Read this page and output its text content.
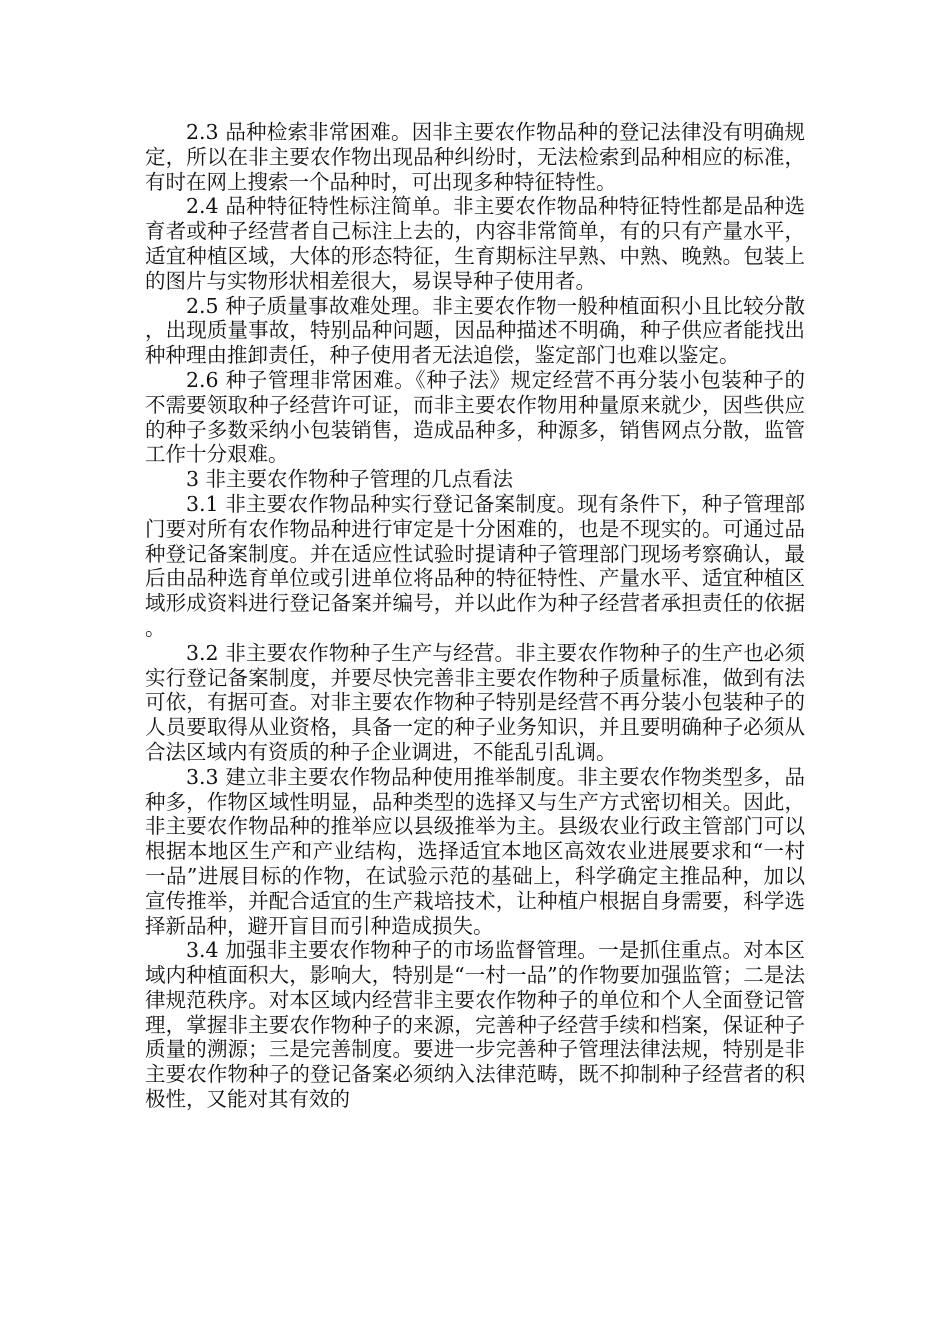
2.3 品种检索非常困难。因非主要农作物品种的登记法律没有明确规定，所以在非主要农作物出现品种纠纷时，无法检索到品种相应的标准，有时在网上搜索一个品种时，可出现多种特征特性。

2.4 品种特征特性标注简单。非主要农作物品种特征特性都是品种选育者或种子经营者自己标注上去的，内容非常简单，有的只有产量水平，适宜种植区域，大体的形态特征，生育期标注早熟、中熟、晚熟。包装上的图片与实物形状相差很大，易误导种子使用者。

2.5 种子质量事故难处理。非主要农作物一般种植面积小且比较分散，出现质量事故，特别品种问题，因品种描述不明确，种子供应者能找出种种理由推卸责任，种子使用者无法追偿，鉴定部门也难以鉴定。

2.6 种子管理非常困难。《种子法》规定经营不再分装小包装种子的不需要领取种子经营许可证，而非主要农作物用种量原来就少，因些供应的种子多数采纳小包装销售，造成品种多，种源多，销售网点分散，监管工作十分艰难。

3 非主要农作物种子管理的几点看法

3.1 非主要农作物品种实行登记备案制度。现有条件下，种子管理部门要对所有农作物品种进行审定是十分困难的，也是不现实的。可通过品种登记备案制度。并在适应性试验时提请种子管理部门现场考察确认，最后由品种选育单位或引进单位将品种的特征特性、产量水平、适宜种植区域形成资料进行登记备案并编号，并以此作为种子经营者承担责任的依据。

3.2 非主要农作物种子生产与经营。非主要农作物种子的生产也必须实行登记备案制度，并要尽快完善非主要农作物种子质量标准，做到有法可依，有据可查。对非主要农作物种子特别是经营不再分装小包装种子的人员要取得从业资格，具备一定的种子业务知识，并且要明确种子必须从合法区域内有资质的种子企业调进，不能乱引乱调。

3.3 建立非主要农作物品种使用推举制度。非主要农作物类型多，品种多，作物区域性明显，品种类型的选择又与生产方式密切相关。因此，非主要农作物品种的推举应以县级推举为主。县级农业行政主管部门可以根据本地区生产和产业结构，选择适宜本地区高效农业进展要求和“一村一品”进展目标的作物，在试验示范的基础上，科学确定主推品种，加以宣传推举，并配合适宜的生产栽培技术，让种植户根据自身需要，科学选择新品种，避开盲目而引种造成损失。

3.4 加强非主要农作物种子的市场监督管理。一是抓住重点。对本区域内种植面积大，影响大，特别是“一村一品”的作物要加强监管；二是法律规范秩序。对本区域内经营非主要农作物种子的单位和个人全面登记管理，掌握非主要农作物种子的来源，完善种子经营手续和档案，保证种子质量的溯源；三是完善制度。要进一步完善种子管理法律法规，特别是非主要农作物种子的登记备案必须纳入法律范畴，既不抑制种子经营者的积极性，又能对其有效的
